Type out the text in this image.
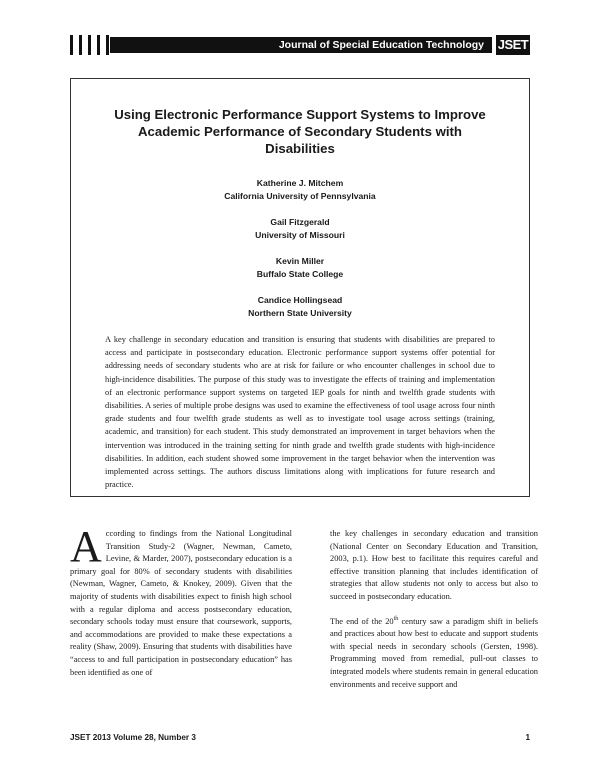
Journal of Special Education Technology	JSET
Using Electronic Performance Support Systems to Improve
Academic Performance of Secondary Students with Disabilities
Katherine J. Mitchem
California University of Pennsylvania
Gail Fitzgerald
University of Missouri
Kevin Miller
Buffalo State College
Candice Hollingsead
Northern State University
A key challenge in secondary education and transition is ensuring that students with disabilities are prepared to access and participate in postsecondary education. Electronic performance support systems offer potential for addressing needs of secondary students who are at risk for failure or who encounter challenges in school due to high-incidence disabilities. The purpose of this study was to investigate the effects of training and implementation of an electronic performance support systems on targeted IEP goals for ninth and twelfth grade students with disabilities. A series of multiple probe designs was used to examine the effectiveness of tool usage across four ninth grade students and four twelfth grade students as well as to investigate tool usage across settings (training, academic, and transition) for each student. This study demonstrated an improvement in target behaviors when the intervention was introduced in the training setting for ninth grade and twelfth grade students with high-incidence disabilities. In addition, each student showed some improvement in the target behavior when the intervention was implemented across settings. The authors discuss limitations along with implications for future research and practice.

According to findings from the National Longitudinal Transition Study-2 (Wagner, Newman, Cameto, Levine, & Marder, 2007), postsecondary education is a primary goal for 80% of secondary students with disabilities (Newman, Wagner, Cameto, & Knokey, 2009). Given that the majority of students with disabilities expect to finish high school with a regular diploma and access postsecondary education, secondary schools today must ensure that coursework, supports, and accommodations are provided to make these expectations a reality (Shaw, 2009). Ensuring that students with disabilities have “access to and full participation in postsecondary education” has been identified as one of

the key challenges in secondary education and transition (National Center on Secondary Education and Transition, 2003, p.1). How best to facilitate this requires careful and effective transition planning that includes identification of strategies that allow students not only to access but also to succeed in postsecondary education.

The end of the 20th century saw a paradigm shift in beliefs and practices about how best to educate and support students with special needs in secondary schools (Gersten, 1998). Programming moved from remedial, pull-out classes to integrated models where students remain in general education environments and receive support and

JSET 2013 Volume 28, Number 3	1
